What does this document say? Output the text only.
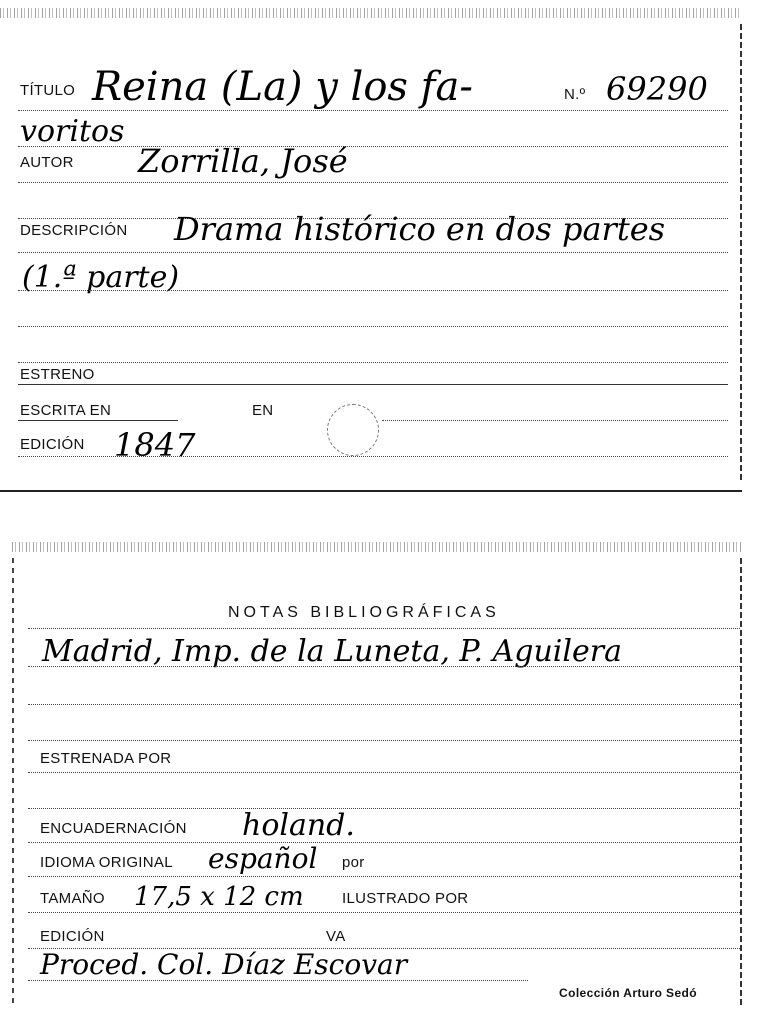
TÍTULO Reina (La) y los fa-	N.º 69290
voritos
AUTOR Zorrilla, José
DESCRIPCIÓN Drama histórico en dos partes
(1.ª parte)
ESTRENO
ESCRITA EN	EN
EDICIÓN 1847
NOTAS BIBLIOGRÁFICAS
Madrid, Imp. de la Luneta, P. Aguilera
ESTRENADA POR
ENCUADERNACIÓN holand.
IDIOMA ORIGINAL español por
TAMAÑO 17,5 x 12 cm	ILUSTRADO POR
EDICIÓN	VA
Proced. Col. Díaz Escovar
Colección Arturo Sedó
